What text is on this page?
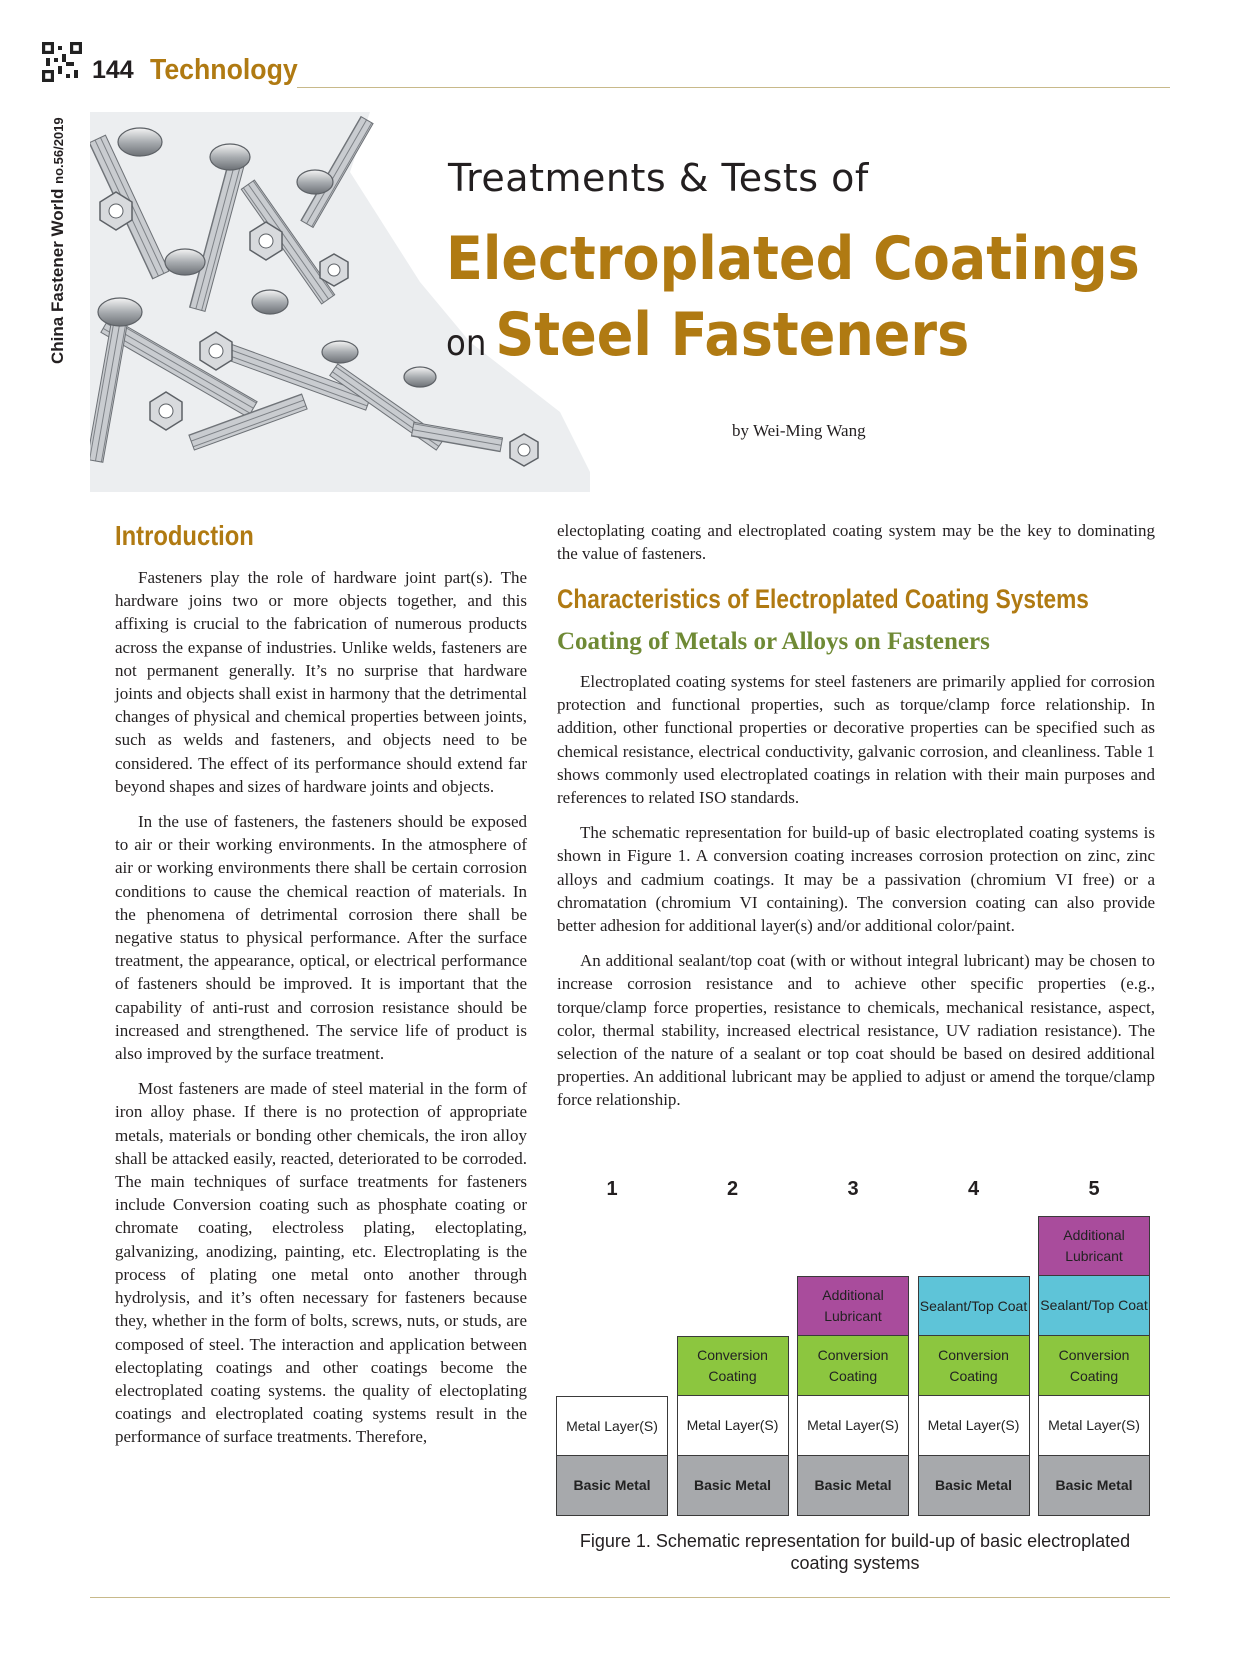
144 Technology
China Fastener World no.56/2019	Treatments & Tests of
Electroplated Coatings
on Steel Fasteners
by Wei-Ming Wang
Introduction

Fasteners play the role of hardware joint part(s). The hardware joins two or more objects together, and this affixing is crucial to the fabrication of numerous products across the expanse of industries. Unlike welds, fasteners are not permanent generally. It’s no surprise that hardware joints and objects shall exist in harmony that the detrimental changes of physical and chemical properties between joints, such as welds and fasteners, and objects need to be considered. The effect of its performance should extend far beyond shapes and sizes of hardware joints and objects.

In the use of fasteners, the fasteners should be exposed to air or their working environments. In the atmosphere of air or working environments there shall be certain corrosion conditions to cause the chemical reaction of materials. In the phenomena of detrimental corrosion there shall be negative status to physical performance. After the surface treatment, the appearance, optical, or electrical performance of fasteners should be improved. It is important that the capability of anti-rust and corrosion resistance should be increased and strengthened. The service life of product is also improved by the surface treatment.

Most fasteners are made of steel material in the form of iron alloy phase. If there is no protection of appropriate metals, materials or bonding other chemicals, the iron alloy shall be attacked easily, reacted, deteriorated to be corroded. The main techniques of surface treatments for fasteners include Conversion coating such as phosphate coating or chromate coating, electroless plating, electoplating, galvanizing, anodizing, painting, etc. Electroplating is the process of plating one metal onto another through hydrolysis, and it’s often necessary for fasteners because they, whether in the form of bolts, screws, nuts, or studs, are composed of steel. The interaction and application between electoplating coatings and other coatings become the electroplated coating systems. the quality of electoplating coatings and electroplated coating systems result in the performance of surface treatments. Therefore,

electoplating coating and electroplated coating system may be the key to dominating the value of fasteners.

Characteristics of Electroplated Coating Systems
Coating of Metals or Alloys on Fasteners

Electroplated coating systems for steel fasteners are primarily applied for corrosion protection and functional properties, such as torque/clamp force relationship. In addition, other functional properties or decorative properties can be specified such as chemical resistance, electrical conductivity, galvanic corrosion, and cleanliness. Table 1 shows commonly used electroplated coatings in relation with their main purposes and references to related ISO standards.

The schematic representation for build-up of basic electroplated coating systems is shown in Figure 1. A conversion coating increases corrosion protection on zinc, zinc alloys and cadmium coatings. It may be a passivation (chromium VI free) or a chromatation (chromium VI containing). The conversion coating can also provide better adhesion for additional layer(s) and/or additional color/paint.

An additional sealant/top coat (with or without integral lubricant) may be chosen to increase corrosion resistance and to achieve other specific properties (e.g., torque/clamp force properties, resistance to chemicals, mechanical resistance, aspect, color, thermal stability, increased electrical resistance, UV radiation resistance). The selection of the nature of a sealant or top coat should be based on desired additional properties. An additional lubricant may be applied to adjust or amend the torque/clamp force relationship.

1
Metal Layer(S)
Basic Metal
2
Conversion Coating
Metal Layer(S)
Basic Metal
3
Additional Lubricant
Conversion Coating
Metal Layer(S)
Basic Metal
4
Sealant/Top Coat
Conversion Coating
Metal Layer(S)
Basic Metal
5
Additional Lubricant
Sealant/Top Coat
Conversion Coating
Metal Layer(S)
Basic Metal
Figure 1. Schematic representation for build-up of basic electroplated coating systems
